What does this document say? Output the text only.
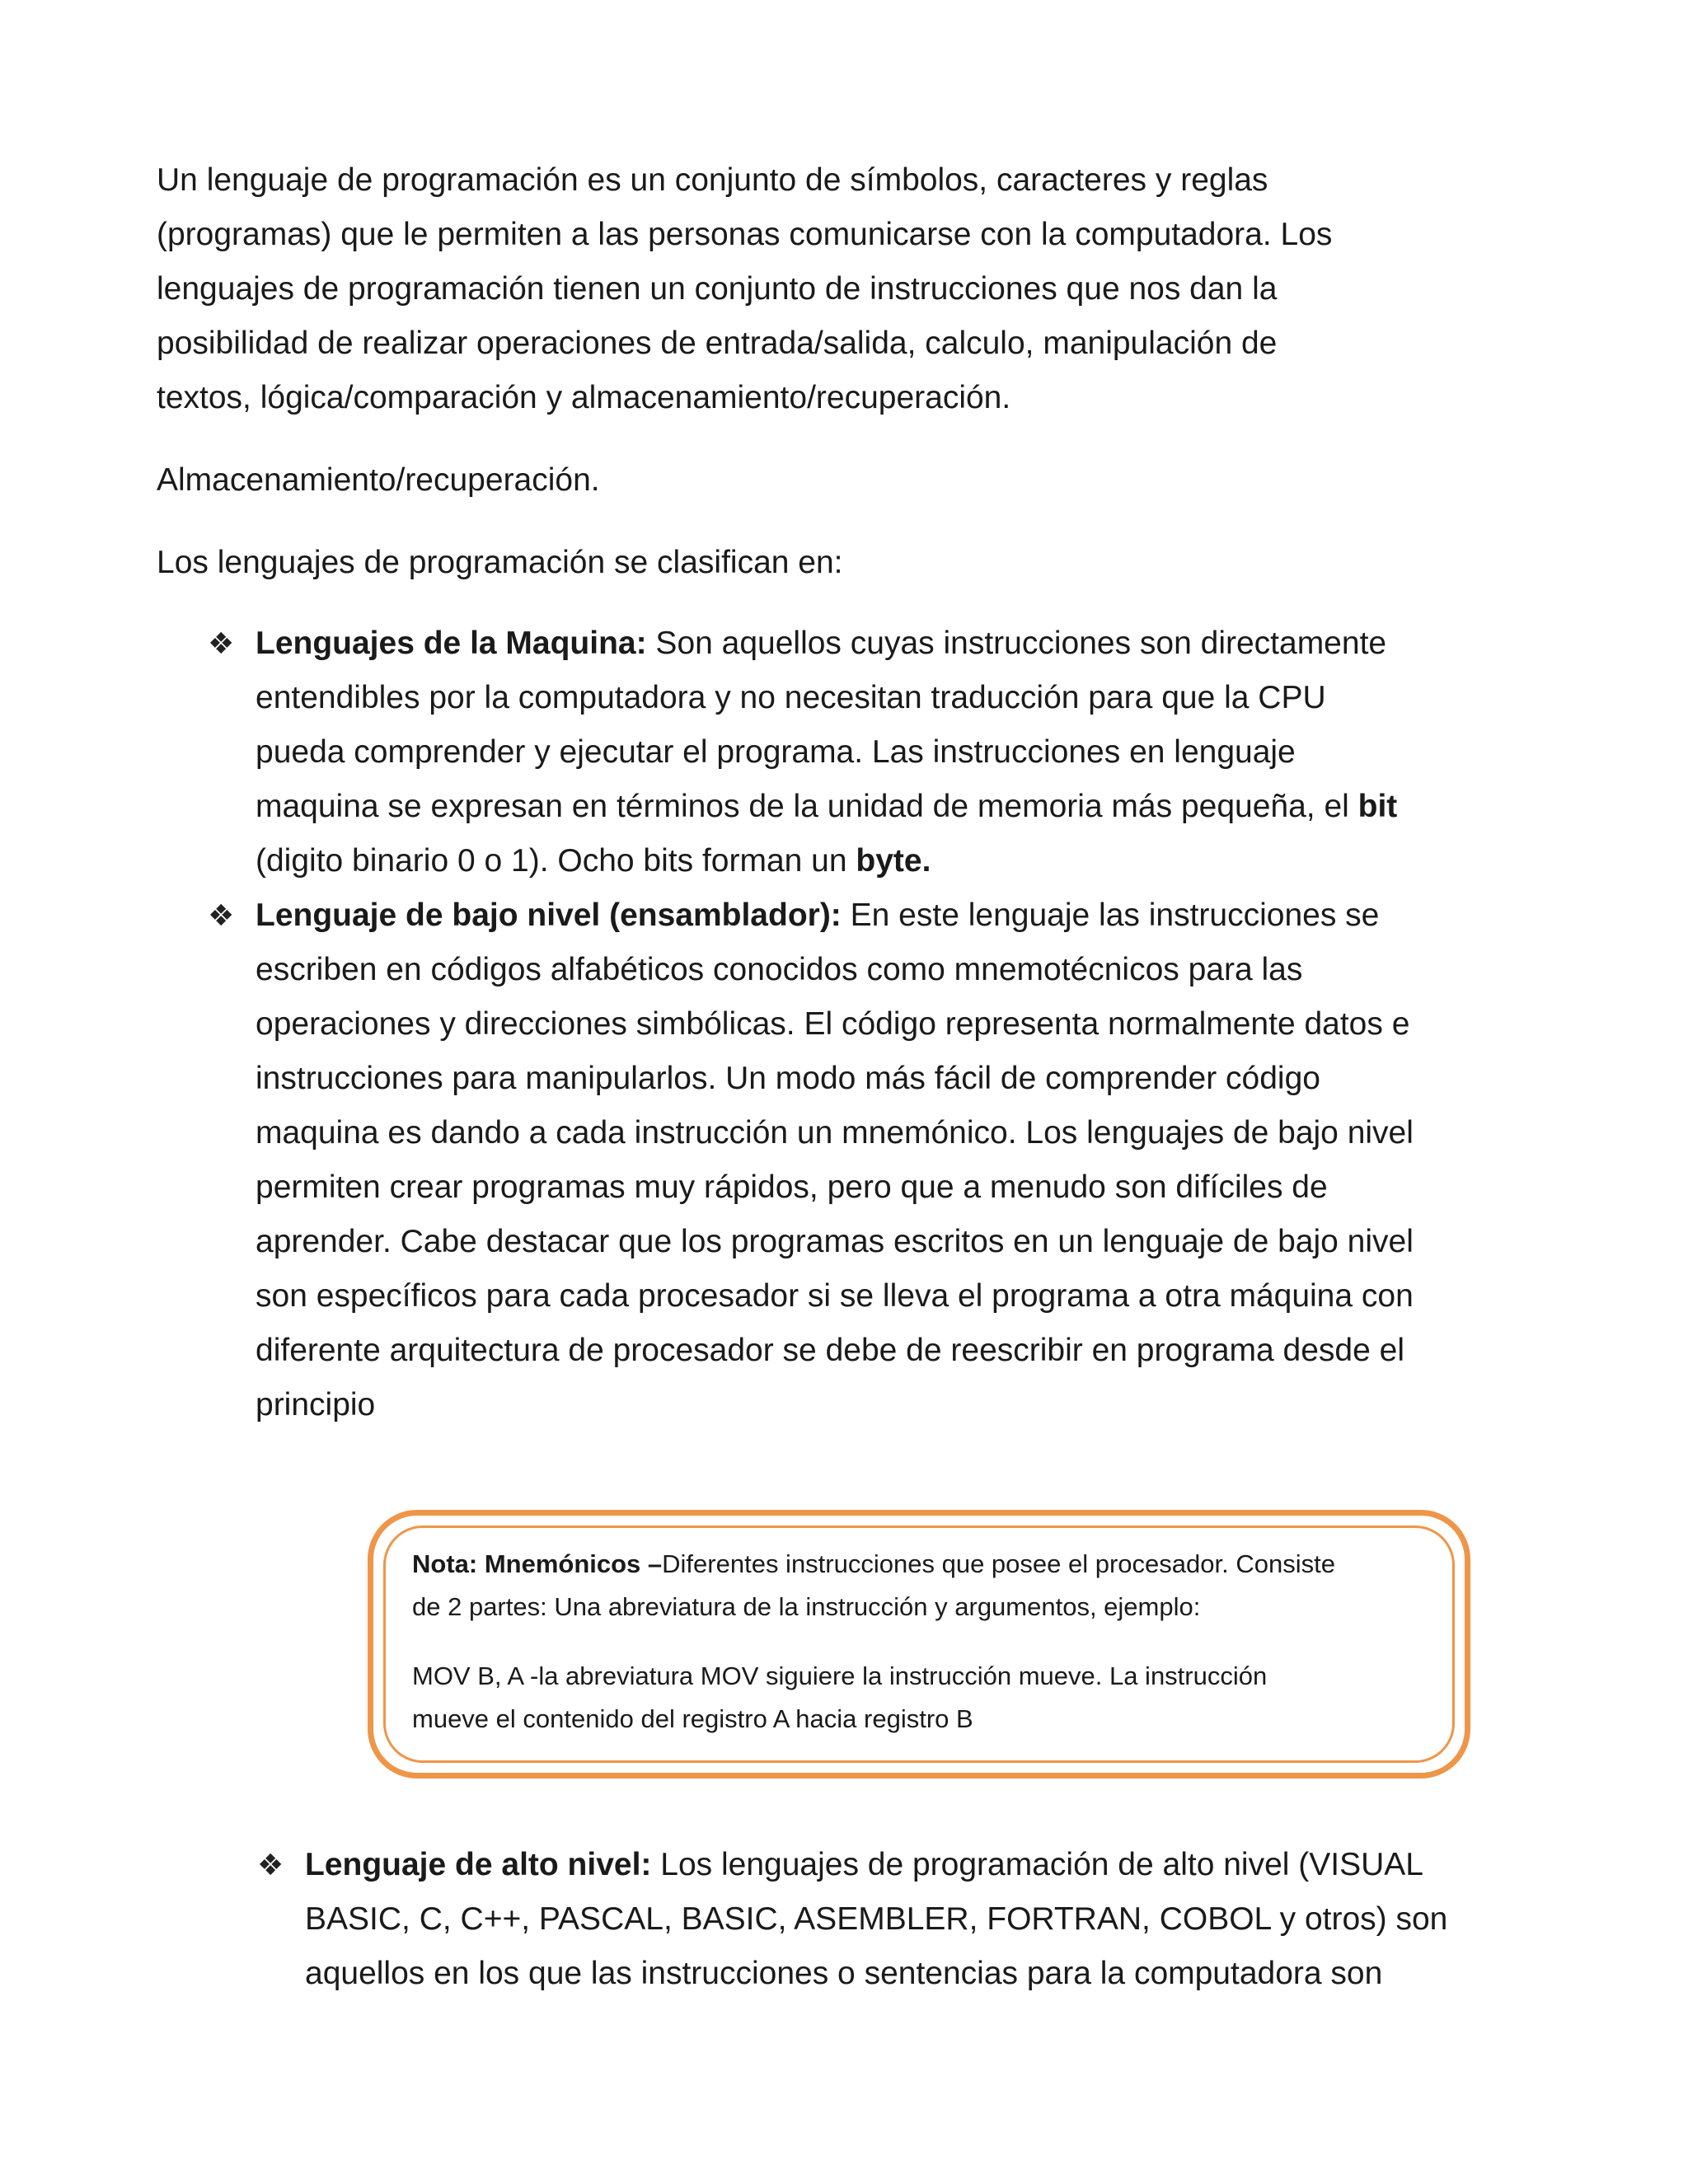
Un lenguaje de programación es un conjunto de símbolos, caracteres y reglas

(programas) que le permiten a las personas comunicarse con la computadora. Los

lenguajes de programación tienen un conjunto de instrucciones que nos dan la

posibilidad de realizar operaciones de entrada/salida, calculo, manipulación de

textos, lógica/comparación y almacenamiento/recuperación.

Almacenamiento/recuperación.

Los lenguajes de programación se clasifican en:

❖ Lenguajes de la Maquina: Son aquellos cuyas instrucciones son directamente

entendibles por la computadora y no necesitan traducción para que la CPU

pueda comprender y ejecutar el programa. Las instrucciones en lenguaje

maquina se expresan en términos de la unidad de memoria más pequeña, el bit

(digito binario 0 o 1). Ocho bits forman un byte.

❖ Lenguaje de bajo nivel (ensamblador): En este lenguaje las instrucciones se

escriben en códigos alfabéticos conocidos como mnemotécnicos para las

operaciones y direcciones simbólicas. El código representa normalmente datos e

instrucciones para manipularlos. Un modo más fácil de comprender código

maquina es dando a cada instrucción un mnemónico. Los lenguajes de bajo nivel

permiten crear programas muy rápidos, pero que a menudo son difíciles de

aprender. Cabe destacar que los programas escritos en un lenguaje de bajo nivel

son específicos para cada procesador si se lleva el programa a otra máquina con

diferente arquitectura de procesador se debe de reescribir en programa desde el

principio

Nota: Mnemónicos –Diferentes instrucciones que posee el procesador. Consiste

de 2 partes: Una abreviatura de la instrucción y argumentos, ejemplo:

MOV B, A -la abreviatura MOV siguiere la instrucción mueve. La instrucción

mueve el contenido del registro A hacia registro B

❖ Lenguaje de alto nivel: Los lenguajes de programación de alto nivel (VISUAL

BASIC, C, C++, PASCAL, BASIC, ASEMBLER, FORTRAN, COBOL y otros) son

aquellos en los que las instrucciones o sentencias para la computadora son
